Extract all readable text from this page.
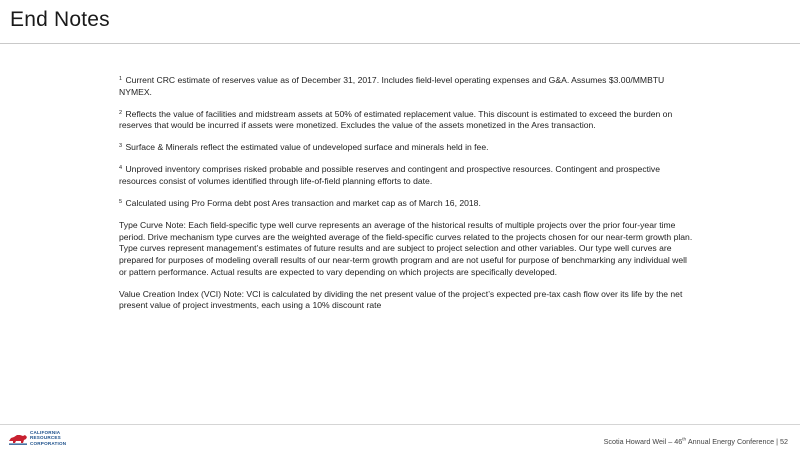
End Notes

$^1$ Current CRC estimate of reserves value as of December 31, 2017. Includes field-level operating expenses and G&A. Assumes $3.00/MMBTU NYMEX.

$^2$ Reflects the value of facilities and midstream assets at 50% of estimated replacement value. This discount is estimated to exceed the burden on reserves that would be incurred if assets were monetized. Excludes the value of the assets monetized in the Ares transaction.

$^3$ Surface & Minerals reflect the estimated value of undeveloped surface and minerals held in fee.

$^4$ Unproved inventory comprises risked probable and possible reserves and contingent and prospective resources. Contingent and prospective resources consist of volumes identified through life-of-field planning efforts to date.

$^5$ Calculated using Pro Forma debt post Ares transaction and market cap as of March 16, 2018.

Type Curve Note: Each field-specific type well curve represents an average of the historical results of multiple projects over the prior four-year time period. Drive mechanism type curves are the weighted average of the field-specific curves related to the projects chosen for our near-term growth plan. Type curves represent management’s estimates of future results and are subject to project selection and other variables. Our type well curves are prepared for purposes of modeling overall results of our near-term growth program and are not useful for purpose of benchmarking any individual well or pattern performance. Actual results are expected to vary depending on which projects are specifically developed.

Value Creation Index (VCI) Note: VCI is calculated by dividing the net present value of the project’s expected pre-tax cash flow over its life by the net present value of project investments, each using a 10% discount rate

CALIFORNIA
RESOURCES
CORPORATION	Scotia Howard Weil – 46th Annual Energy Conference | 52
